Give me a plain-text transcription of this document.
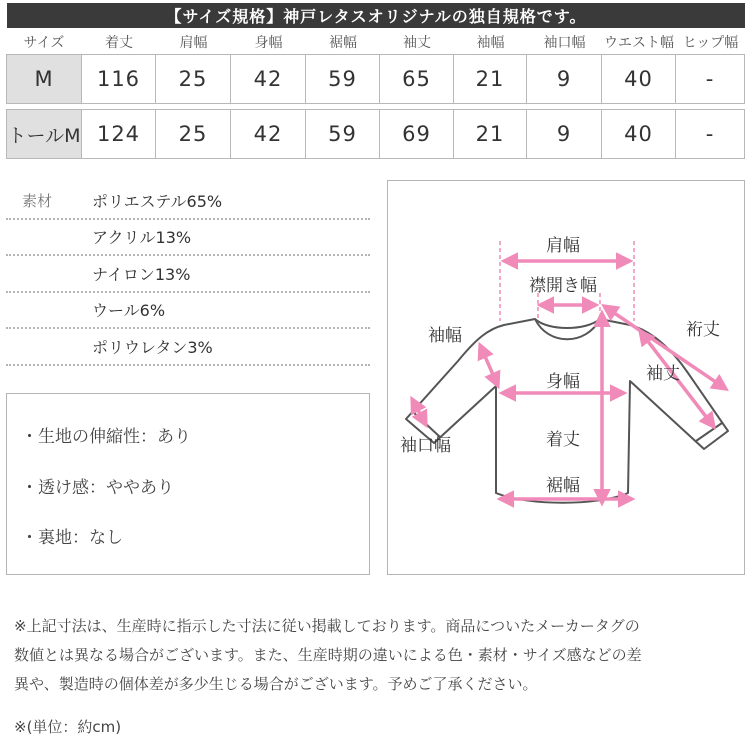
【サイズ規格】神戸レタスオリジナルの独自規格です。
サイズ	着丈	肩幅	身幅	裾幅	袖丈	袖幅	袖口幅	ウエスト幅 ヒップ幅
M	116	25	42	59	65	21	9	40	-
トールM 124	25	42	59	69	21	9	40	-
素材	ポリエステル65%
アクリル13%
ナイロン13%
ウール6%
ポリウレタン3%
・生地の伸縮性：あり
・透け感：ややあり
・裏地：なし
肩幅
襟開き幅
裄丈
袖幅
袖丈
身幅
袖口幅	着丈
裾幅
※上記寸法は、生産時に指示した寸法に従い掲載しております。商品についたメーカータグの
数値とは異なる場合がございます。また、生産時期の違いによる色・素材・サイズ感などの差
異や、製造時の個体差が多少生じる場合がございます。予めご了承ください。
※(単位：約cm)
